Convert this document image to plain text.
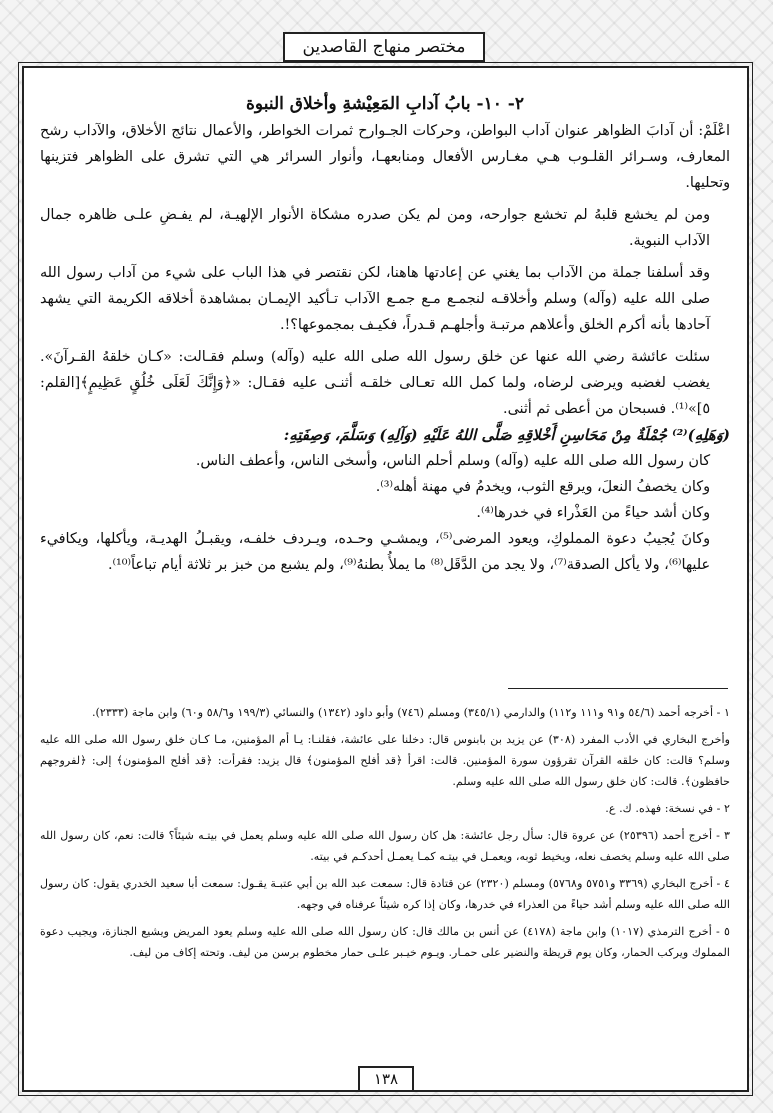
مختصر منهاج القاصدين
٢- ١٠- بابُ آدابِ المَعِيْشةِ وأخلاق النبوة

اعْلَمْ: أن آدابَ الظواهر عنوان آداب البواطن، وحركات الجـوارح ثمرات الخواطر، والأعمال نتائج الأخلاق، والآداب رشح المعارف، وسـرائر القلـوب هـي مغـارس الأفعال ومنابعهـا، وأنوار السرائر هي التي تشرق على الظواهر فتزينها وتحليها.

ومن لم يخشع قلبهُ لم تخشع جوارحه، ومن لم يكن صدره مشكاة الأنوار الإلهيـة، لم يفـضِ علـى ظاهره جمال الآداب النبوية.

وقد أسلفنا جملة من الآداب بما يغني عن إعادتها هاهنا، لكن نقتصر في هذا الباب على شيء من آداب رسول الله صلى الله عليه (وآله) وسلم وأخلاقـه لنجمـع مـع جمـع الآداب تـأكيد الإيمـان بمشاهدة أخلاقه الكريمة التي يشهد آحادها بأنه أكرم الخلق وأعلاهم مرتبـة وأجلهـم قـدراً، فكيـف بمجموعها؟!.

سئلت عائشة رضي الله عنها عن خلق رسول الله صلى الله عليه (وآله) وسلم فقـالت: «كـان خلقهُ القـرآنَ». يغضب لغضبه ويرضى لرضاه، ولما كمل الله تعـالى خلقـه أثنـى عليه فقـال: «﴿وَإِنَّكَ لَعَلَى خُلُقٍ عَظِيمٍ﴾[القلم: ٥]»⁽¹⁾. فسبحان من أعطى ثم أثنى.

(وَهَلِهِ)⁽²⁾ جُمْلَةٌ مِنْ مَحَاسِنِ أَخْلاقِهِ صَلَّى اللهُ عَلَيْهِ (وَآلِهِ) وَسَلَّمَ، وَصِفَتِهِ:

كان رسول الله صلى الله عليه (وآله) وسلم أحلم الناس، وأسخى الناس، وأعطف الناس.

وكان يخصفُ النعلَ، ويرقع الثوب، ويخدمُ في مهنة أهله⁽³⁾.

وكان أشد حياءً من العَذْراء في خدرها⁽⁴⁾.

وكانَ يُجيبُ دعوة المملوكِ، ويعود المرضى⁽⁵⁾، ويمشـي وحـده، ويـردف خلفـه، ويقبـلُ الهديـة، ويأكلها، ويكافيء عليها⁽⁶⁾، ولا يأكل الصدقة⁽⁷⁾، ولا يجد من الدَّقَل⁽⁸⁾ ما يملأُ بطنهُ⁽⁹⁾، ولم يشبع من خبز بر ثلاثة أيام تباعاً⁽¹⁰⁾.

١ - أخرجه أحمد (٥٤/٦ و٩١ و١١١ و١١٢) والدارمي (٣٤٥/١) ومسلم (٧٤٦) وأبو داود (١٣٤٢) والنسائي (١٩٩/٣ و٥٨/٦ و٦٠) وابن ماجة (٢٣٣٣).

وأخرج البخاري في الأدب المفرد (٣٠٨) عن يزيد بن بابنوس قال: دخلنا على عائشة، فقلنـا: يـا أم المؤمنين، مـا كـان خلق رسول الله صلى الله عليه وسلم؟ قالت: كان خلقه القرآن تقرؤون سورة المؤمنين. قالت: اقرأ ﴿قد أفلح المؤمنون﴾ قال يزيد: فقرأت: ﴿قد أفلح المؤمنون﴾ إلى: ﴿لفروجهم حافظون﴾. قالت: كان خلق رسول الله صلى الله عليه وسلم.

٢ - في نسخة: فهذه. ك. ع.

٣ - أخرج أحمد (٢٥٣٩٦) عن عروة قال: سأل رجل عائشة: هل كان رسول الله صلى الله عليه وسلم يعمل في بيتـه شيئاً؟ قالت: نعم، كان رسول الله صلى الله عليه وسلم يخصف نعله، ويخيط ثوبه، ويعمـل في بيتـه كمـا يعمـل أحدكـم في بيته.

٤ - أخرج البخاري (٣٣٦٩ و٥٧٥١ و٥٧٦٨) ومسلم (٢٣٢٠) عن قتادة قال: سمعت عبد الله بن أبي عتبـة يقـول: سمعت أبا سعيد الخدري يقول: كان رسول الله صلى الله عليه وسلم أشد حياءً من العذراء في خدرها، وكان إذا كره شيئاً عرفناه في وجهه.

٥ - أخرج الترمذي (١٠١٧) وابن ماجة (٤١٧٨) عن أنس بن مالك قال: كان رسول الله صلى الله عليه وسلم يعود المريض ويشيع الجنازة، ويجيب دعوة المملوك ويركب الحمار، وكان يوم قريظة والنضير على حمـار. ويـوم خيـبر علـى حمار مخطوم برسن من ليف. وتحته إكاف من ليف.

١٣٨
